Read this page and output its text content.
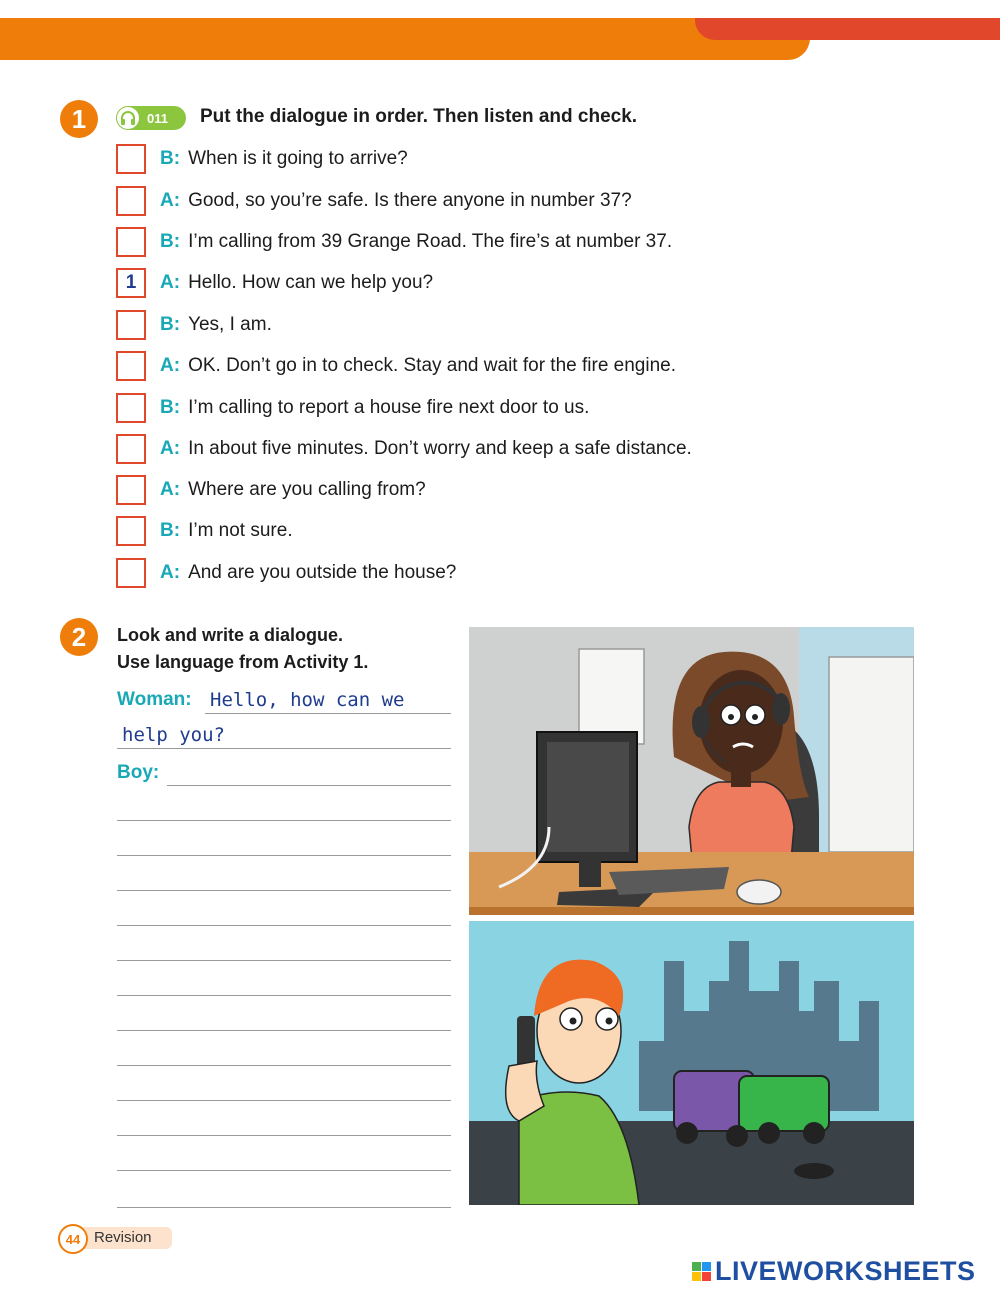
1	011 Put the dialogue in order. Then listen and check.
B: When is it going to arrive?
A: Good, so you’re safe. Is there anyone in number 37?
B: I’m calling from 39 Grange Road. The fire’s at number 37.
1	A: Hello. How can we help you?
B: Yes, I am.
A: OK. Don’t go in to check. Stay and wait for the fire engine.
B: I’m calling to report a house fire next door to us.
A: In about five minutes. Don’t worry and keep a safe distance.
A: Where are you calling from?
B: I’m not sure.
A: And are you outside the house?
2	Look and write a dialogue.
Use language from Activity 1.
Woman: Hello, how can we
help you?
Boy:
44 Revision
LIVEWORKSHEETS
